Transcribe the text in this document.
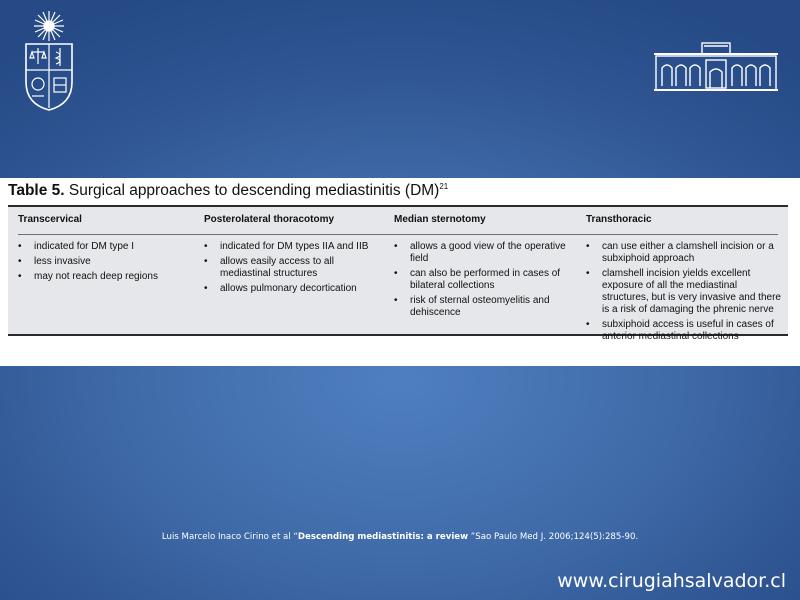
Table 5. Surgical approaches to descending mediastinitis (DM)$^{21}$
Transcervical
• indicated for DM type I
• less invasive
• may not reach deep regions
Posterolateral thoracotomy
• indicated for DM types IIA and IIB
• allows easily access to all mediastinal structures
• allows pulmonary decortication
Median sternotomy
• allows a good view of the operative field
• can also be performed in cases of bilateral collections
• risk of sternal osteomyelitis and dehiscence
Transthoracic
• can use either a clamshell incision or a subxiphoid approach
• clamshell incision yields excellent exposure of all the mediastinal structures, but is very invasive and there is a risk of damaging the phrenic nerve
• subxiphoid access is useful in cases of anterior mediastinal collections
Luis Marcelo Inaco Cirino et al “Descending mediastinitis: a review ”Sao Paulo Med J. 2006;124(5):285-90.
www.cirugiahsalvador.cl
